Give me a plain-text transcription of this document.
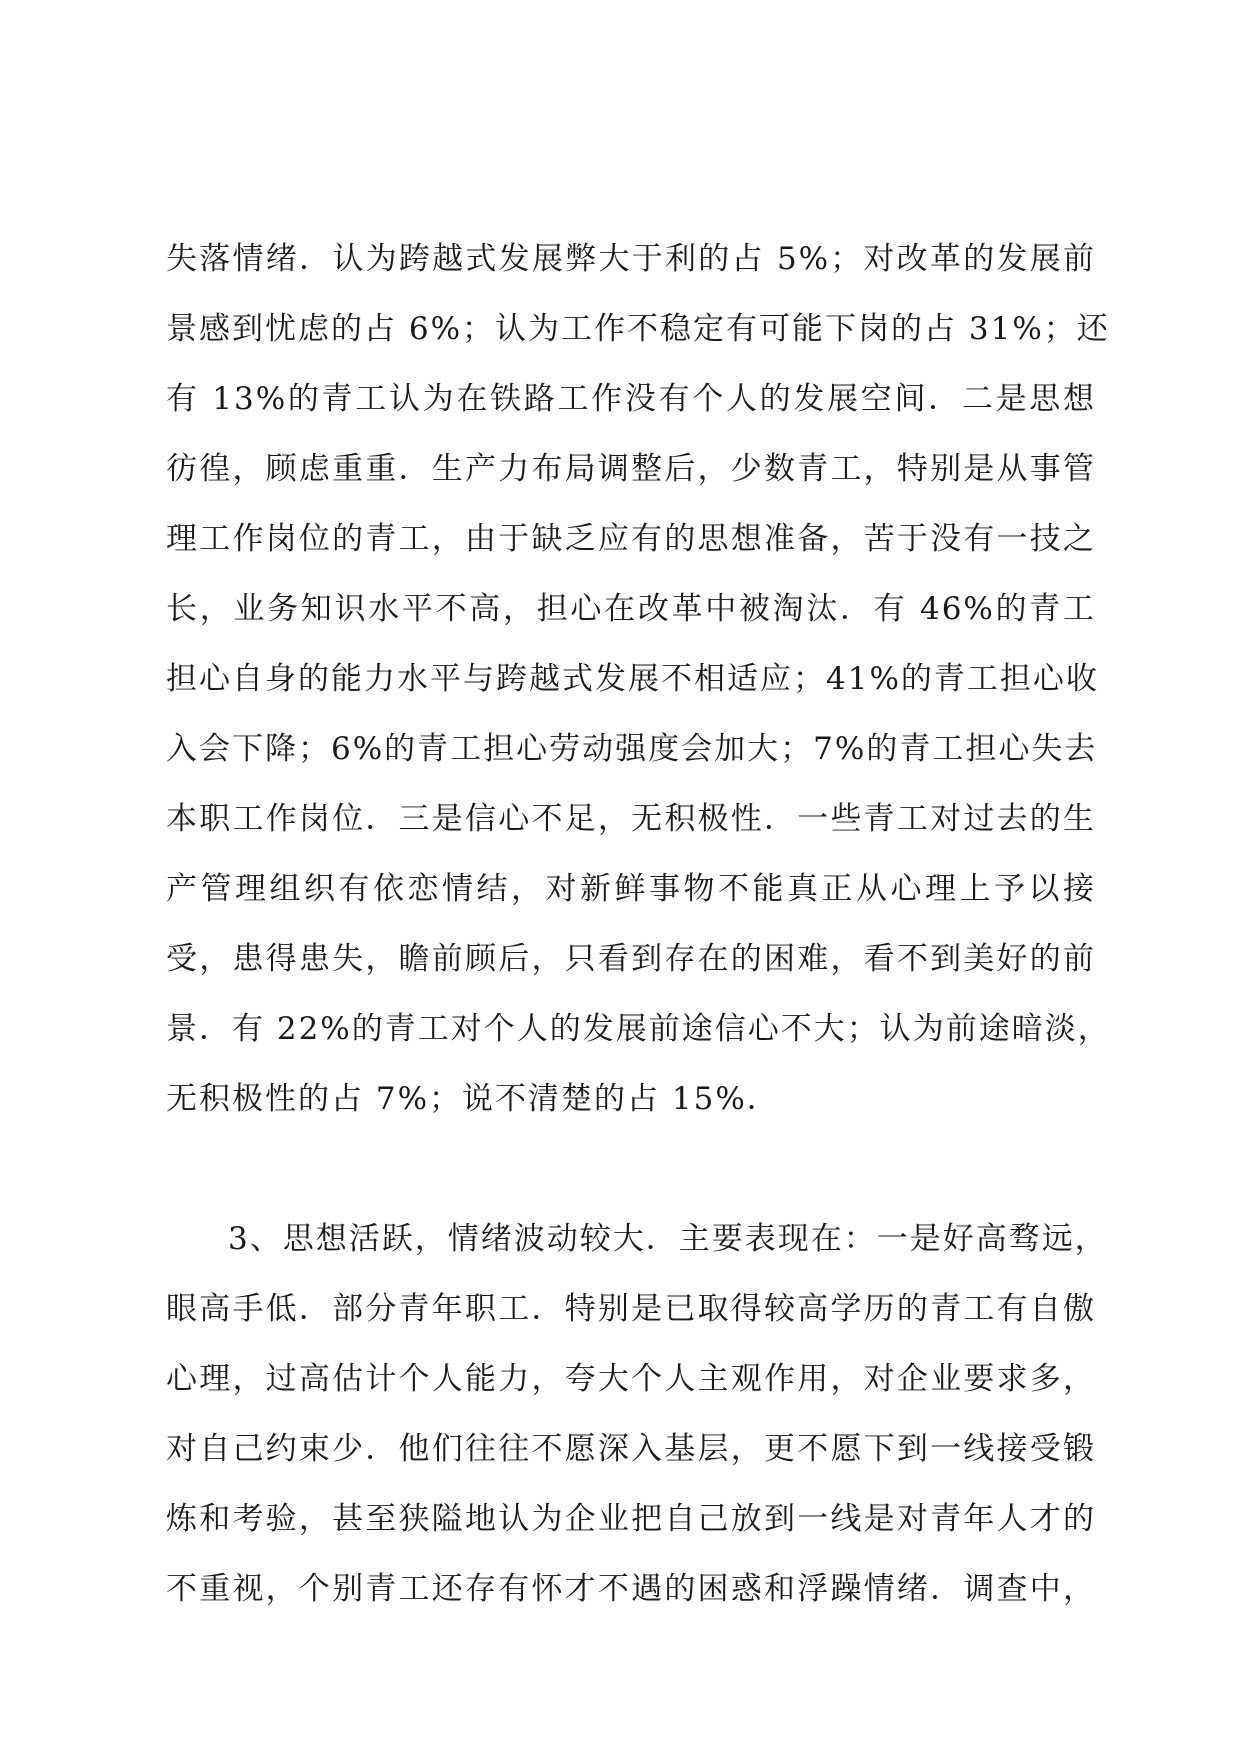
失落情绪．认为跨越式发展弊大于利的占 5%；对改革的发展前
景感到忧虑的占 6%；认为工作不稳定有可能下岗的占 31%；还
有 13%的青工认为在铁路工作没有个人的发展空间．二是思想
彷徨，顾虑重重．生产力布局调整后，少数青工，特别是从事管
理工作岗位的青工，由于缺乏应有的思想准备，苦于没有一技之
长，业务知识水平不高，担心在改革中被淘汰．有 46%的青工
担心自身的能力水平与跨越式发展不相适应；41%的青工担心收
入会下降；6%的青工担心劳动强度会加大；7%的青工担心失去
本职工作岗位．三是信心不足，无积极性．一些青工对过去的生
产管理组织有依恋情结，对新鲜事物不能真正从心理上予以接
受，患得患失，瞻前顾后，只看到存在的困难，看不到美好的前
景．有 22%的青工对个人的发展前途信心不大；认为前途暗淡，
无积极性的占 7%；说不清楚的占 15%．
3、思想活跃，情绪波动较大．主要表现在：一是好高骛远，
眼高手低．部分青年职工．特别是已取得较高学历的青工有自傲
心理，过高估计个人能力，夸大个人主观作用，对企业要求多，
对自己约束少．他们往往不愿深入基层，更不愿下到一线接受锻
炼和考验，甚至狭隘地认为企业把自己放到一线是对青年人才的
不重视，个别青工还存有怀才不遇的困惑和浮躁情绪．调查中，
